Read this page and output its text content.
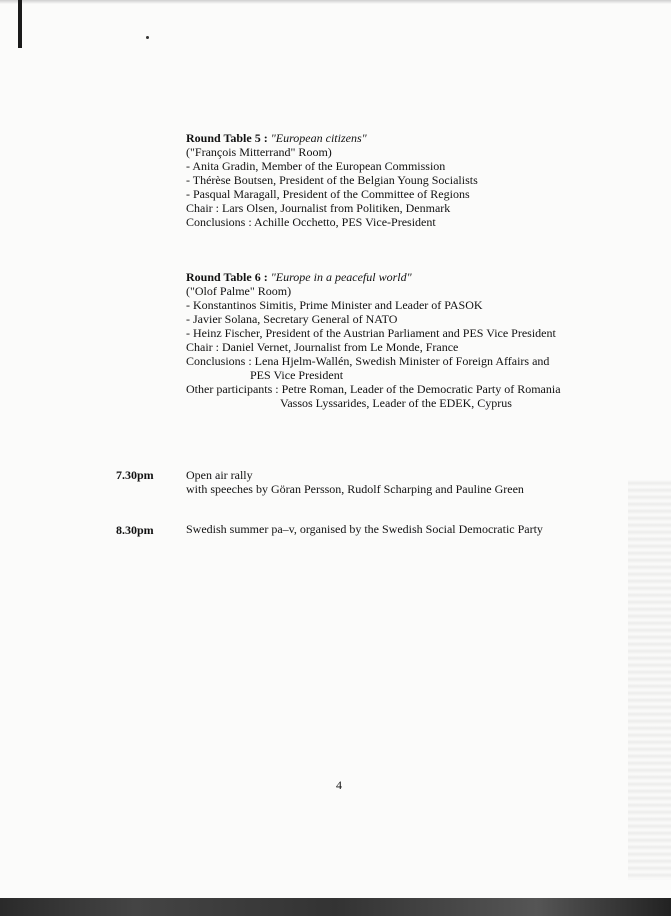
Round Table 5 : "European citizens"
("François Mitterrand" Room)
- Anita Gradin, Member of the European Commission
- Thérèse Boutsen, President of the Belgian Young Socialists
- Pasqual Maragall, President of the Committee of Regions
Chair : Lars Olsen, Journalist from Politiken, Denmark
Conclusions : Achille Occhetto, PES Vice-President
Round Table 6 : "Europe in a peaceful world"
("Olof Palme" Room)
- Konstantinos Simitis, Prime Minister and Leader of PASOK
- Javier Solana, Secretary General of NATO
- Heinz Fischer, President of the Austrian Parliament and PES Vice President
Chair : Daniel Vernet, Journalist from Le Monde, France
Conclusions : Lena Hjelm-Wallén, Swedish Minister of Foreign Affairs and
PES Vice President
Other participants : Petre Roman, Leader of the Democratic Party of Romania
Vassos Lyssarides, Leader of the EDEK, Cyprus
7.30pm	Open air rally
with speeches by Göran Persson, Rudolf Scharping and Pauline Green
8.30pm	Swedish summer pa–v, organised by the Swedish Social Democratic Party
4
